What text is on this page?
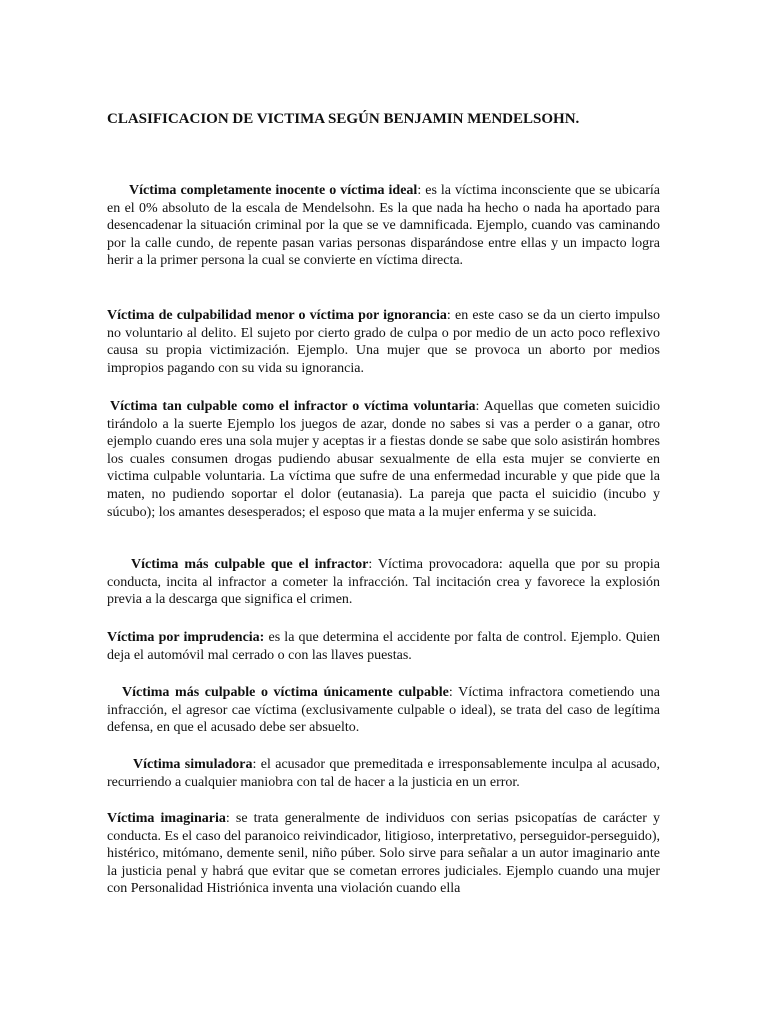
CLASIFICACION DE VICTIMA SEGÚN BENJAMIN MENDELSOHN.

Víctima completamente inocente o víctima ideal: es la víctima inconsciente que se ubicaría en el 0% absoluto de la escala de Mendelsohn. Es la que nada ha hecho o nada ha aportado para desencadenar la situación criminal por la que se ve damnificada. Ejemplo, cuando vas caminando por la calle cundo, de repente pasan varias personas disparándose entre ellas y un impacto logra herir a la primer persona la cual se convierte en víctima directa.

Víctima de culpabilidad menor o víctima por ignorancia: en este caso se da un cierto impulso no voluntario al delito. El sujeto por cierto grado de culpa o por medio de un acto poco reflexivo causa su propia victimización. Ejemplo. Una mujer que se provoca un aborto por medios impropios pagando con su vida su ignorancia.

Víctima tan culpable como el infractor o víctima voluntaria: Aquellas que cometen suicidio tirándolo a la suerte Ejemplo los juegos de azar, donde no sabes si vas a perder o a ganar, otro ejemplo cuando eres una sola mujer y aceptas ir a fiestas donde se sabe que solo asistirán hombres los cuales consumen drogas pudiendo abusar sexualmente de ella esta mujer se convierte en victima culpable voluntaria. La víctima que sufre de una enfermedad incurable y que pide que la maten, no pudiendo soportar el dolor (eutanasia). La pareja que pacta el suicidio (incubo y súcubo); los amantes desesperados; el esposo que mata a la mujer enferma y se suicida.

Víctima más culpable que el infractor: Víctima provocadora: aquella que por su propia conducta, incita al infractor a cometer la infracción. Tal incitación crea y favorece la explosión previa a la descarga que significa el crimen.

Víctima por imprudencia: es la que determina el accidente por falta de control. Ejemplo. Quien deja el automóvil mal cerrado o con las llaves puestas.

Víctima más culpable o víctima únicamente culpable: Víctima infractora cometiendo una infracción, el agresor cae víctima (exclusivamente culpable o ideal), se trata del caso de legítima defensa, en que el acusado debe ser absuelto.

Víctima simuladora: el acusador que premeditada e irresponsablemente inculpa al acusado, recurriendo a cualquier maniobra con tal de hacer a la justicia en un error.

Víctima imaginaria: se trata generalmente de individuos con serias psicopatías de carácter y conducta. Es el caso del paranoico reivindicador, litigioso, interpretativo, perseguidor-perseguido), histérico, mitómano, demente senil, niño púber. Solo sirve para señalar a un autor imaginario ante la justicia penal y habrá que evitar que se cometan errores judiciales. Ejemplo cuando una mujer con Personalidad Histriónica inventa una violación cuando ella
